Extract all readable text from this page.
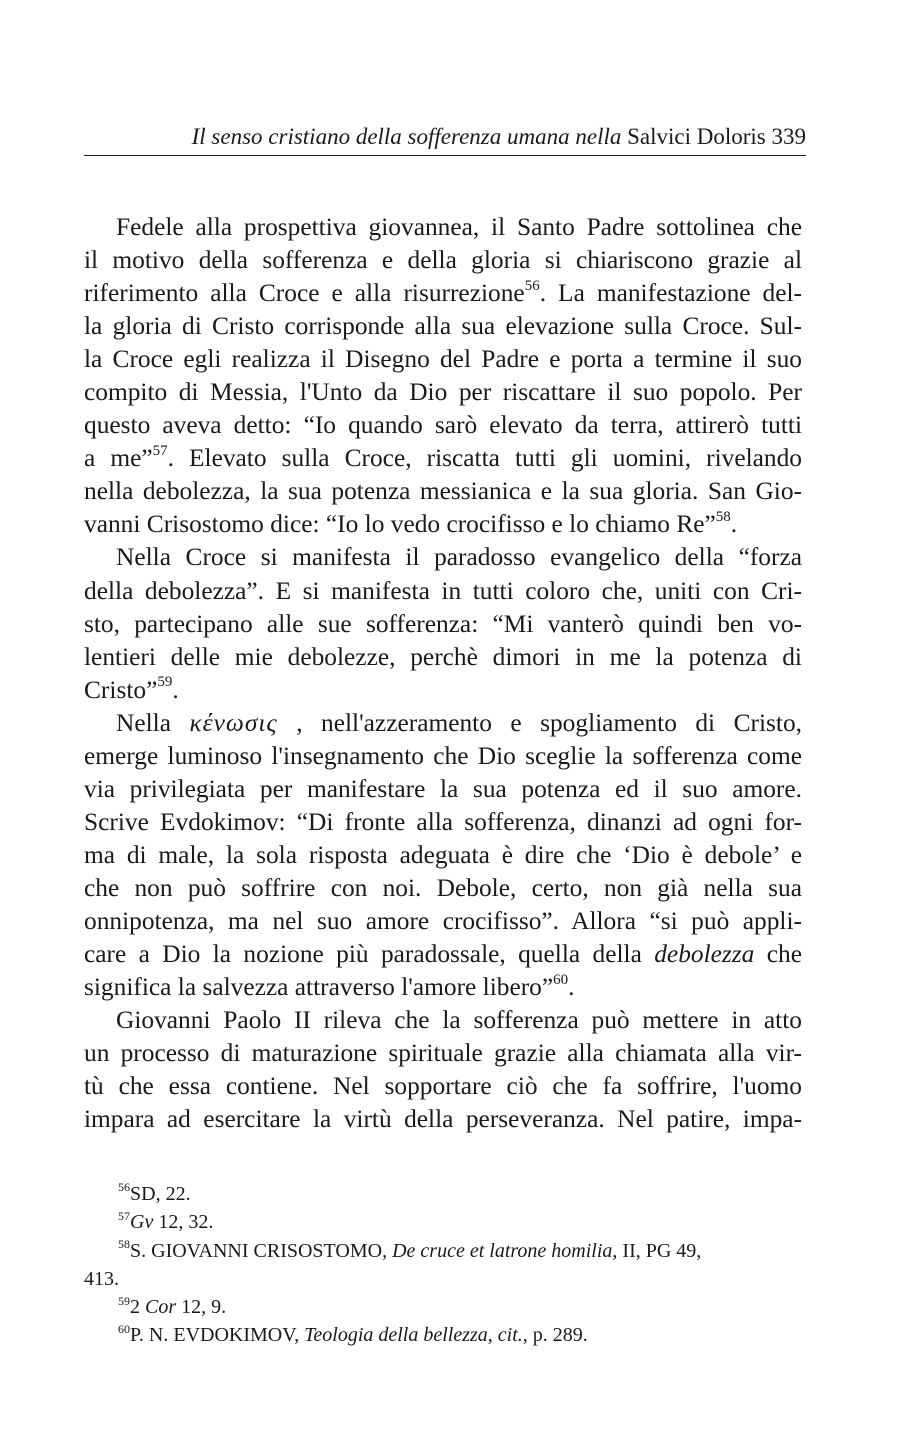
Il senso cristiano della sofferenza umana nella Salvici Doloris 339

Fedele alla prospettiva giovannea, il Santo Padre sottolinea che
il motivo della sofferenza e della gloria si chiariscono grazie al
riferimento alla Croce e alla risurrezione$^{56}$. La manifestazione del-
la gloria di Cristo corrisponde alla sua elevazione sulla Croce. Sul-
la Croce egli realizza il Disegno del Padre e porta a termine il suo
compito di Messia, l'Unto da Dio per riscattare il suo popolo. Per
questo aveva detto: “Io quando sarò elevato da terra, attirerò tutti
a me”$^{57}$. Elevato sulla Croce, riscatta tutti gli uomini, rivelando
nella debolezza, la sua potenza messianica e la sua gloria. San Gio-
vanni Crisostomo dice: “Io lo vedo crocifisso e lo chiamo Re”$^{58}$.

Nella Croce si manifesta il paradosso evangelico della “forza
della debolezza”. E si manifesta in tutti coloro che, uniti con Cri-
sto, partecipano alle sue sofferenza: “Mi vanterò quindi ben vo-
lentieri delle mie debolezze, perchè dimori in me la potenza di
Cristo”$^{59}$.

Nella κένωσις , nell'azzeramento e spogliamento di Cristo,
emerge luminoso l'insegnamento che Dio sceglie la sofferenza come
via privilegiata per manifestare la sua potenza ed il suo amore.
Scrive Evdokimov: “Di fronte alla sofferenza, dinanzi ad ogni for-
ma di male, la sola risposta adeguata è dire che ‘Dio è debole’ e
che non può soffrire con noi. Debole, certo, non già nella sua
onnipotenza, ma nel suo amore crocifisso”. Allora “si può appli-
care a Dio la nozione più paradossale, quella della debolezza che
significa la salvezza attraverso l'amore libero”$^{60}$.

Giovanni Paolo II rileva che la sofferenza può mettere in atto
un processo di maturazione spirituale grazie alla chiamata alla vir-
tù che essa contiene. Nel sopportare ciò che fa soffrire, l'uomo
impara ad esercitare la virtù della perseveranza. Nel patire, impa-

$^{56}$SD, 22.
$^{57}$Gv 12, 32.
$^{58}$S. GIOVANNI CRISOSTOMO, De cruce et latrone homilia, II, PG 49,
413.
$^{59}$2 Cor 12, 9.
$^{60}$P. N. EVDOKIMOV, Teologia della bellezza, cit., p. 289.
